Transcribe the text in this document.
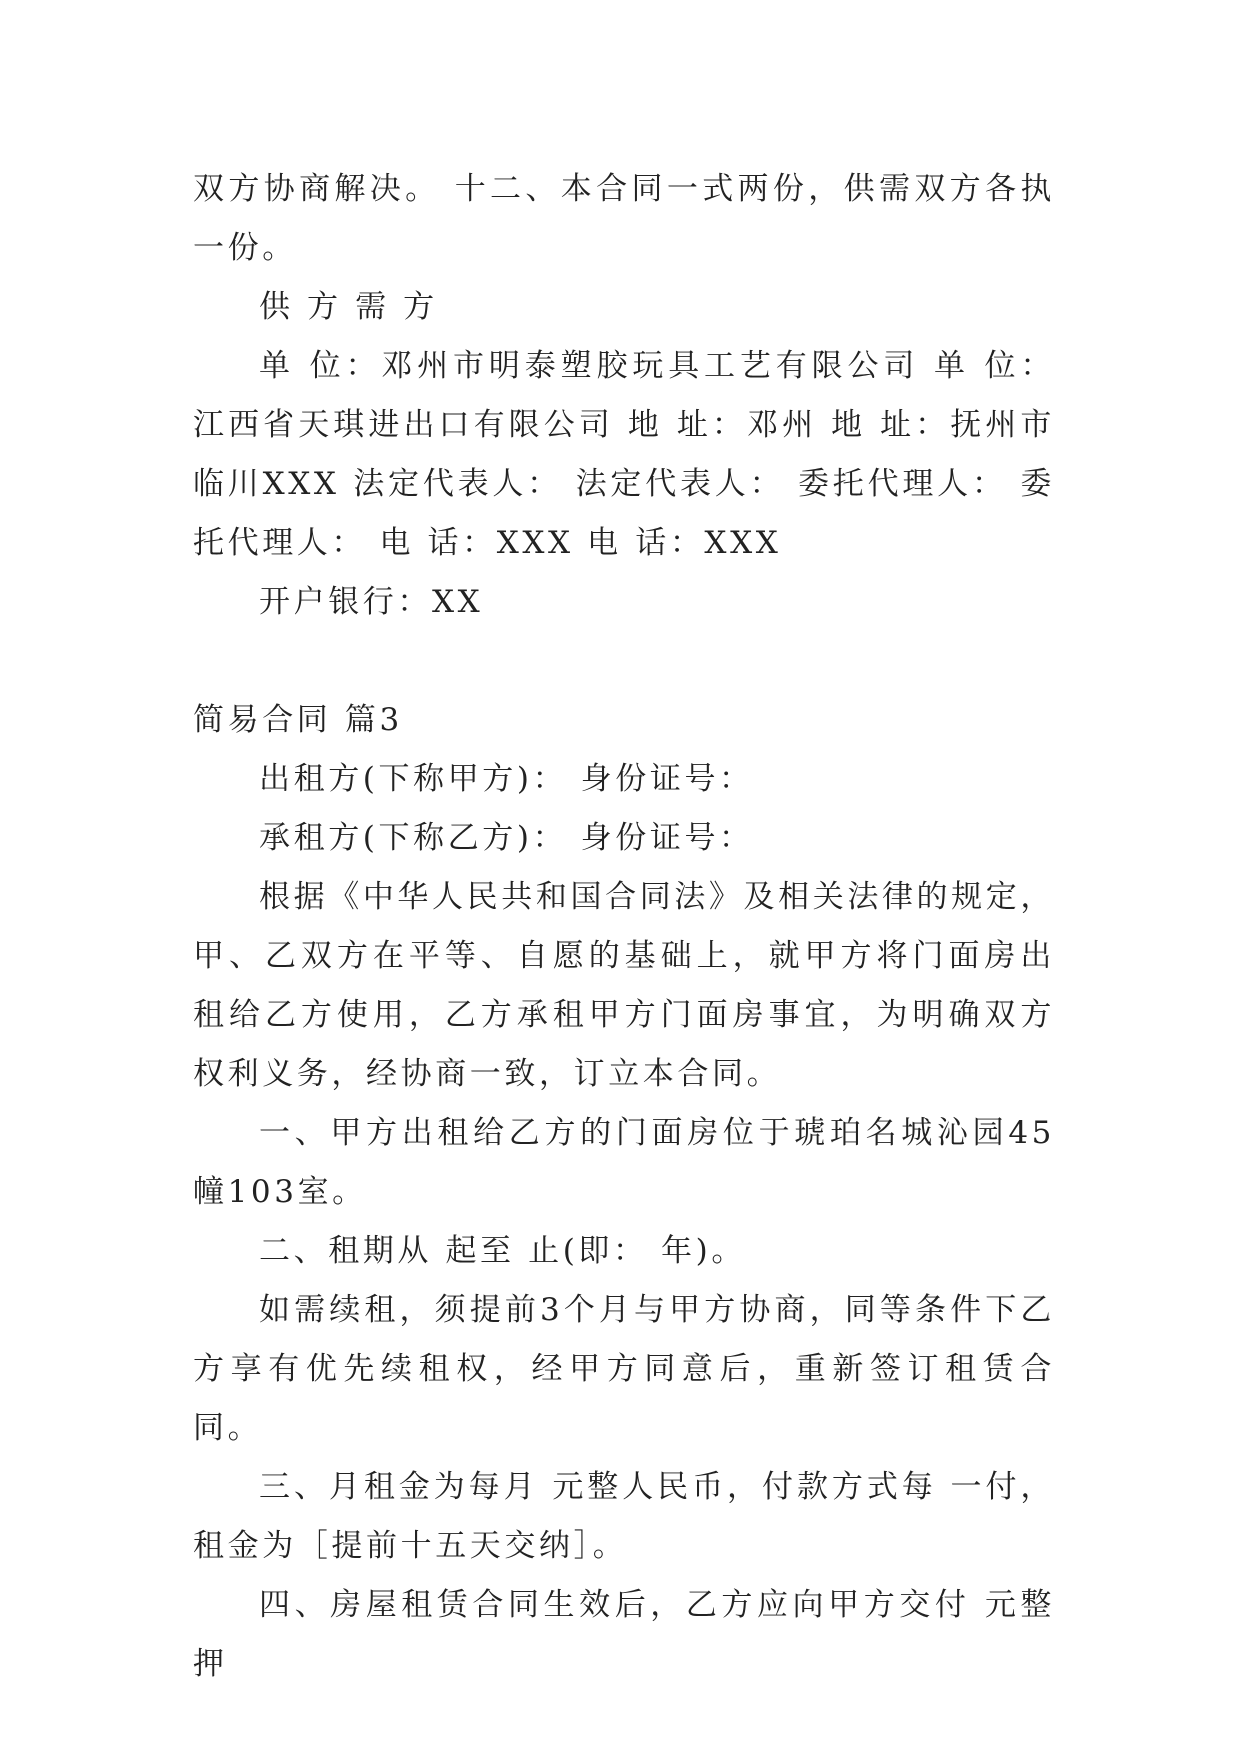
双方协商解决。 十二、本合同一式两份，供需双方各执一份。

供 方 需 方

单 位：邓州市明泰塑胶玩具工艺有限公司 单 位：江西省天琪进出口有限公司 地 址：邓州 地 址：抚州市临川XXX 法定代表人： 法定代表人： 委托代理人： 委托代理人： 电 话：XXX 电 话：XXX

开户银行：XX

简易合同 篇3

出租方(下称甲方)： 身份证号：

承租方(下称乙方)： 身份证号：

根据《中华人民共和国合同法》及相关法律的规定，甲、乙双方在平等、自愿的基础上，就甲方将门面房出租给乙方使用，乙方承租甲方门面房事宜，为明确双方权利义务，经协商一致，订立本合同。

一、甲方出租给乙方的门面房位于琥珀名城沁园45幢103室。

二、租期从 起至 止(即： 年)。

如需续租，须提前3个月与甲方协商，同等条件下乙方享有优先续租权，经甲方同意后，重新签订租赁合同。

三、月租金为每月 元整人民币，付款方式每 一付，租金为［提前十五天交纳］。

四、房屋租赁合同生效后，乙方应向甲方交付 元整押
